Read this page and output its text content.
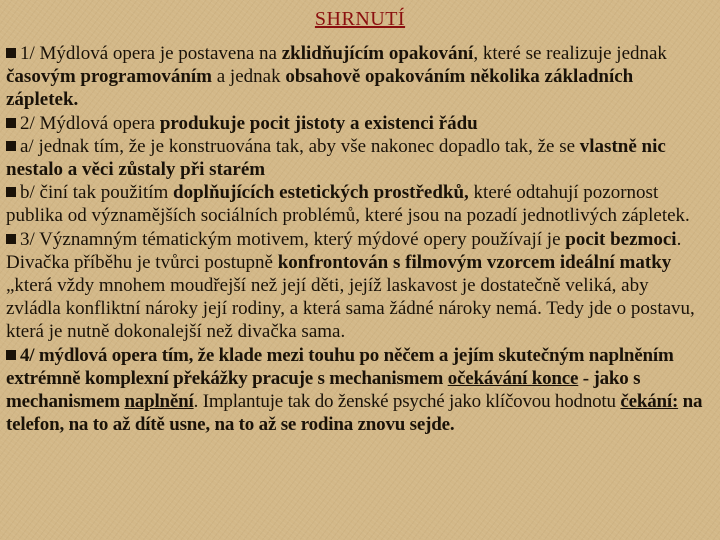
SHRNUTÍ

1/ Mýdlová opera je postavena na zklidňujícím opakování, které se realizuje jednak časovým programováním a jednak obsahově opakováním několika základních zápletek.

2/ Mýdlová opera produkuje pocit jistoty a existenci řádu

a/ jednak tím, že je konstruována tak, aby vše nakonec dopadlo tak, že se vlastně nic nestalo a věci zůstaly při starém

b/ činí tak použitím doplňujících estetických prostředků, které odtahují pozornost publika od významějších sociálních problémů, které jsou na pozadí jednotlivých zápletek.

3/ Významným tématickým motivem, který mýdové opery používají je pocit bezmoci. Divačka příběhu je tvůrci postupně konfrontován s filmovým vzorcem ideální matky „která vždy mnohem moudřejší než její děti, jejíž laskavost je dostatečně veliká, aby zvládla konfliktní nároky její rodiny, a která sama žádné nároky nemá. Tedy jde o postavu, která je nutně dokonalejší než divačka sama.

4/ mýdlová opera tím, že klade mezi touhu po něčem a jejím skutečným naplněním extrémně komplexní překážky pracuje s mechanismem očekávání konce - jako s mechanismem naplnění. Implantuje tak do ženské psyché jako klíčovou hodnotu čekání: na telefon, na to až dítě usne, na to až se rodina znovu sejde.
